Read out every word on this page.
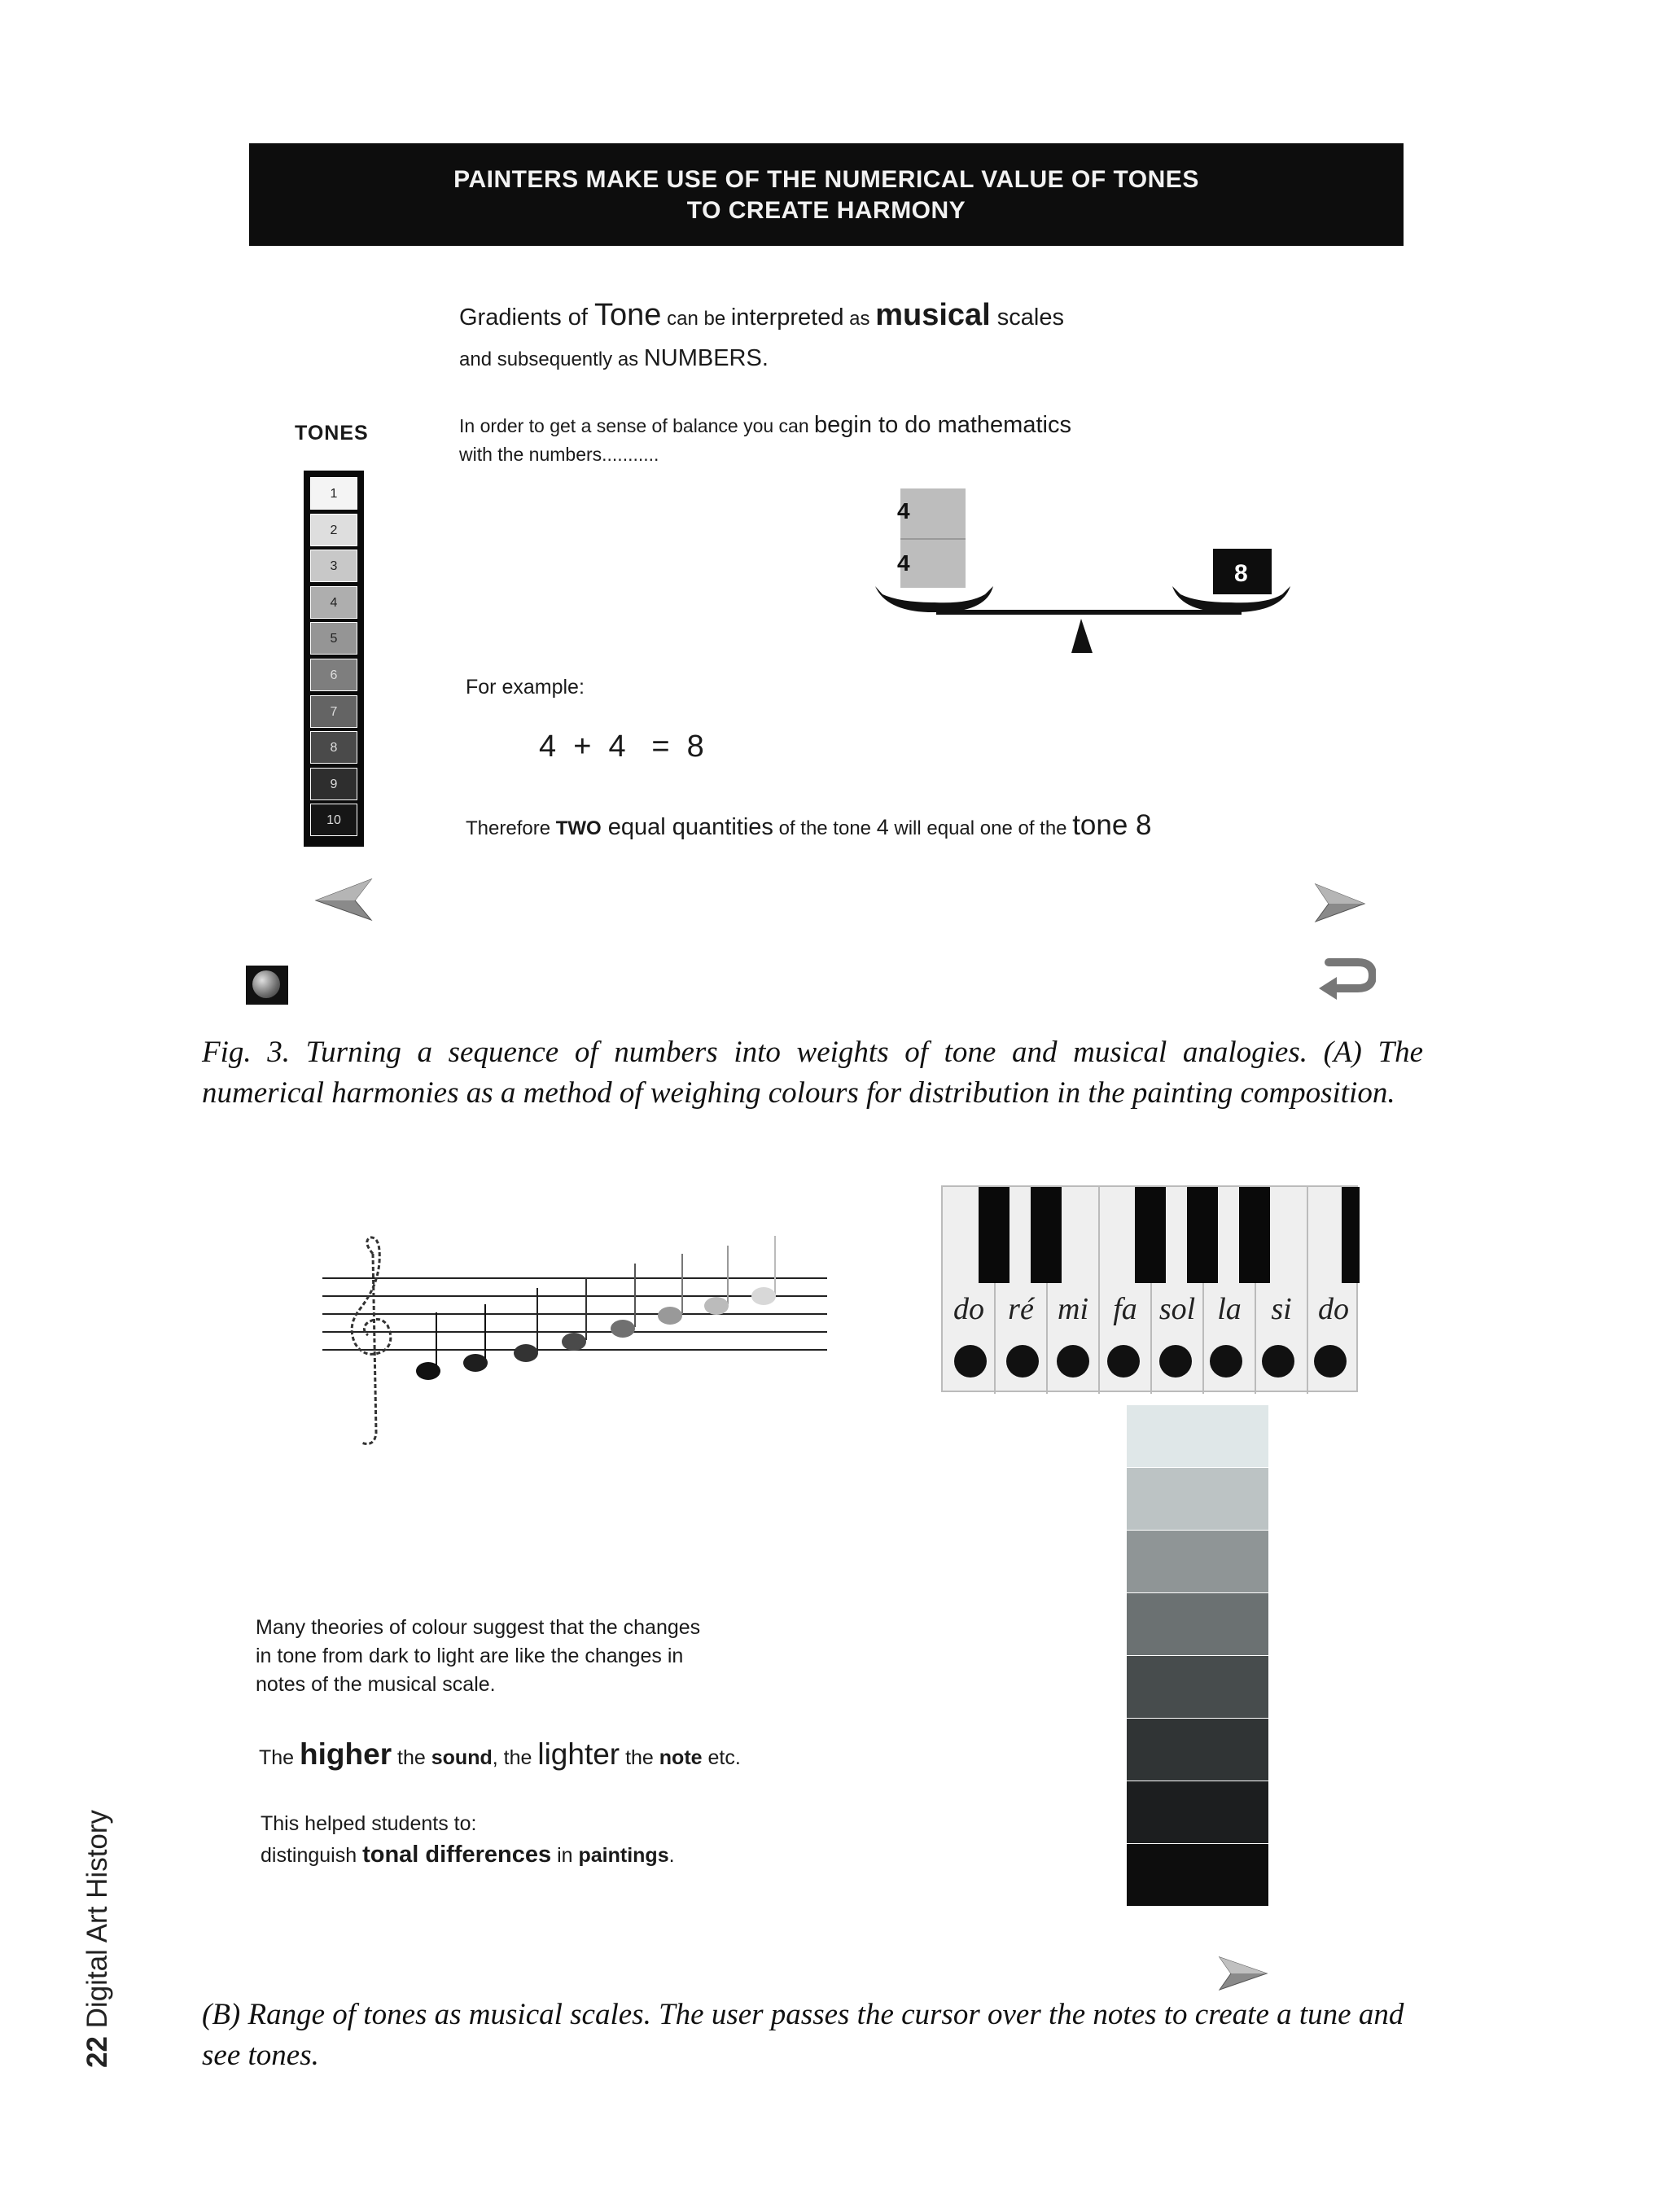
PAINTERS MAKE USE OF THE NUMERICAL VALUE OF TONES
TO CREATE HARMONY
Gradients of Tone can be interpreted as musical scales
and subsequently as NUMBERS.
In order to get a sense of balance you can begin to do mathematics
with the numbers...........
TONES
1
2
3
4
5
6
7
8
9
10
4
4	8
For example:
4  +  4   =  8
Therefore TWO equal quantities of the tone 4 will equal one of the tone 8
Fig. 3. Turning a sequence of numbers into weights of tone and musical analogies. (A) The numerical harmonies as a method of weighing colours for distribution in the painting composition.
do ré mi fa sol la si do
Many theories of colour suggest that the changes
in tone from dark to light are like the changes in
notes of the musical scale.
The higher the sound, the lighter the note etc.
This helped students to:
distinguish tonal differences in paintings.
(B) Range of tones as musical scales. The user passes the cursor over the notes to create a tune and see tones.
22 Digital Art History
